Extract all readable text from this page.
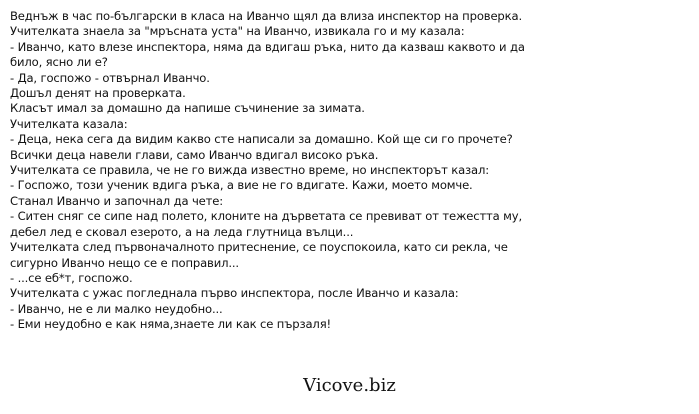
Веднъж в час по-български в класа на Иванчо щял да влиза инспектор на проверка.
Учителката знаела за "мръсната уста" на Иванчо, извикала го и му казала:
- Иванчо, като влезе инспектора, няма да вдигаш ръка, нито да казваш каквото и да
било, ясно ли е?
- Да, госпожо - отвърнал Иванчо.
Дошъл денят на проверката.
Класът имал за домашно да напише съчинение за зимата.
Учителката казала:
- Деца, нека сега да видим какво сте написали за домашно. Кой ще си го прочете?
Всички деца навели глави, само Иванчо вдигал високо ръка.
Учителката се правила, че не го вижда известно време, но инспекторът казал:
- Госпожо, този ученик вдига ръка, а вие не го вдигате. Кажи, моето момче.
Станал Иванчо и започнал да чете:
- Ситен сняг се сипе над полето, клоните на дърветата се превиват от тежестта му,
дебел лед е сковал езерото, а на леда глутница вълци...
Учителката след първоначалното притеснение, се поуспокоила, като си рекла, че
сигурно Иванчо нещо се е поправил...
- ...се еб*т, госпожо.
Учителката с ужас погледнала първо инспектора, после Иванчо и казала:
- Иванчо, не е ли малко неудобно...
- Еми неудобно е как няма,знаете ли как се пързаля!
Vicove.biz
